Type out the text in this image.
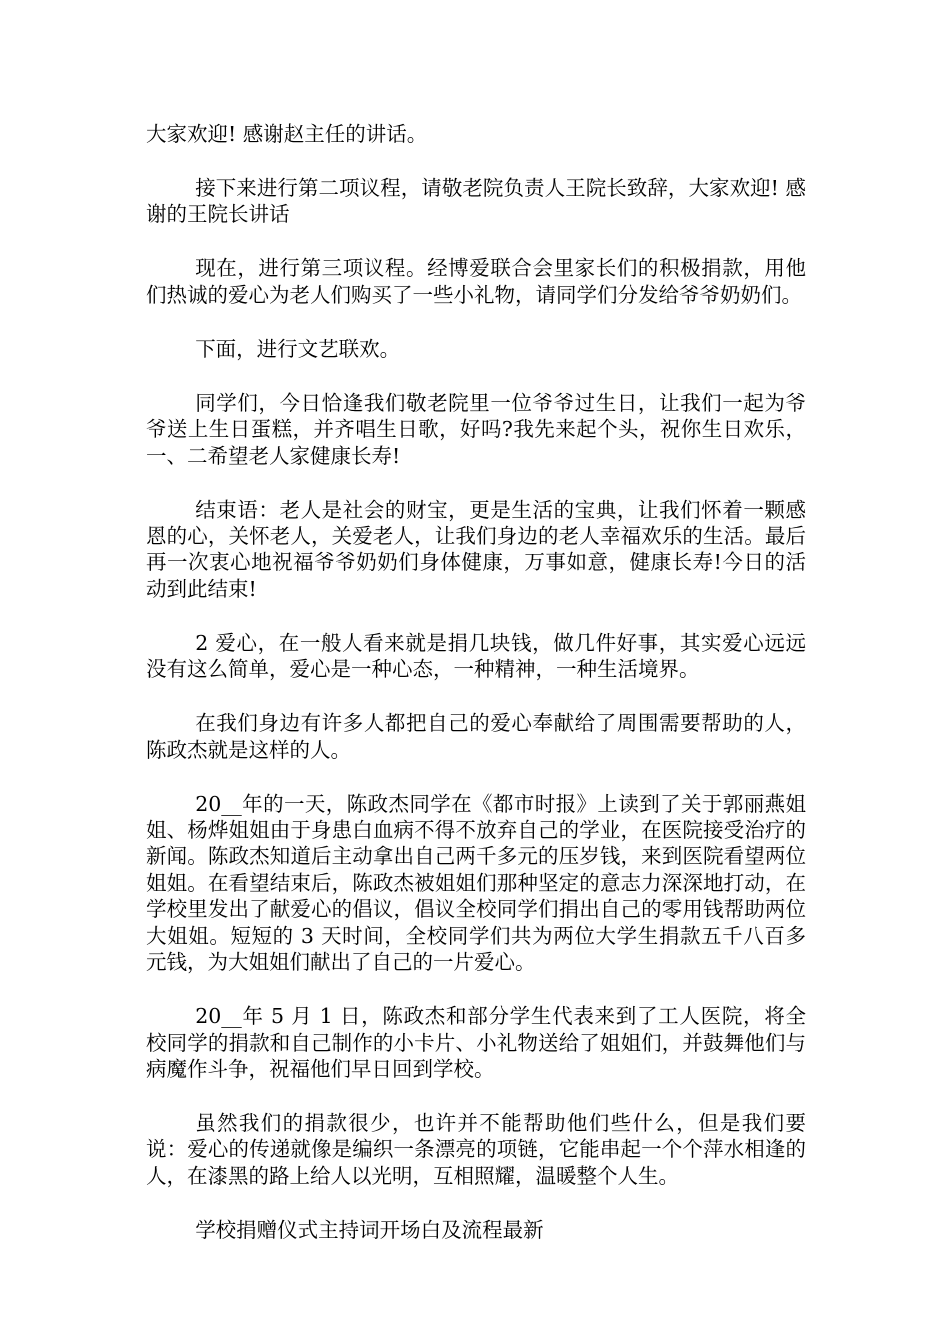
大家欢迎! 感谢赵主任的讲话。

接下来进行第二项议程，请敬老院负责人王院长致辞，大家欢迎! 感谢的王院长讲话

现在，进行第三项议程。经博爱联合会里家长们的积极捐款，用他们热诚的爱心为老人们购买了一些小礼物，请同学们分发给爷爷奶奶们。

下面，进行文艺联欢。

同学们，今日恰逢我们敬老院里一位爷爷过生日，让我们一起为爷爷送上生日蛋糕，并齐唱生日歌，好吗?我先来起个头，祝你生日欢乐，一、二希望老人家健康长寿!

结束语：老人是社会的财宝，更是生活的宝典，让我们怀着一颗感恩的心，关怀老人，关爱老人，让我们身边的老人幸福欢乐的生活。最后再一次衷心地祝福爷爷奶奶们身体健康，万事如意，健康长寿!今日的活动到此结束!

2 爱心，在一般人看来就是捐几块钱，做几件好事，其实爱心远远没有这么简单，爱心是一种心态，一种精神，一种生活境界。

在我们身边有许多人都把自己的爱心奉献给了周围需要帮助的人，陈政杰就是这样的人。

20__年的一天，陈政杰同学在《都市时报》上读到了关于郭丽燕姐姐、杨烨姐姐由于身患白血病不得不放弃自己的学业，在医院接受治疗的新闻。陈政杰知道后主动拿出自己两千多元的压岁钱，来到医院看望两位姐姐。在看望结束后，陈政杰被姐姐们那种坚定的意志力深深地打动，在学校里发出了献爱心的倡议，倡议全校同学们捐出自己的零用钱帮助两位大姐姐。短短的 3 天时间，全校同学们共为两位大学生捐款五千八百多元钱，为大姐姐们献出了自己的一片爱心。

20__年 5 月 1 日，陈政杰和部分学生代表来到了工人医院，将全校同学的捐款和自己制作的小卡片、小礼物送给了姐姐们，并鼓舞他们与病魔作斗争，祝福他们早日回到学校。

虽然我们的捐款很少，也许并不能帮助他们些什么，但是我们要说：爱心的传递就像是编织一条漂亮的项链，它能串起一个个萍水相逢的人，在漆黑的路上给人以光明，互相照耀，温暖整个人生。

学校捐赠仪式主持词开场白及流程最新
